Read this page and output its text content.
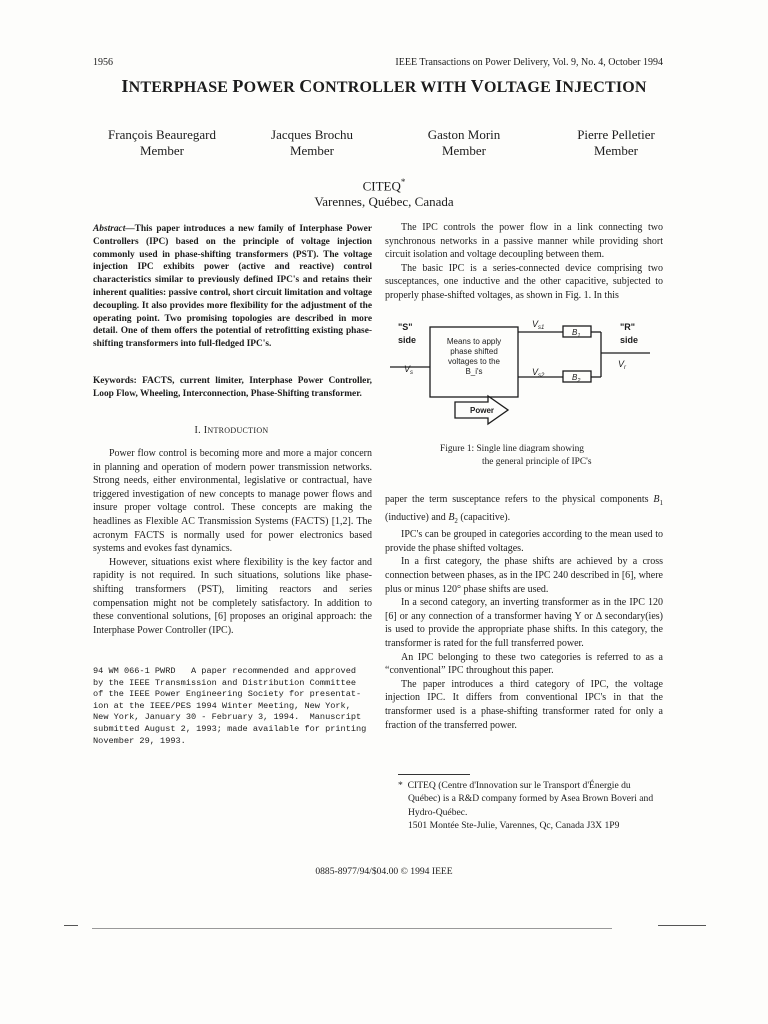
1956	IEEE Transactions on Power Delivery, Vol. 9, No. 4, October 1994
INTERPHASE POWER CONTROLLER WITH VOLTAGE INJECTION
François Beauregard
Member
Jacques Brochu
Member
Gaston Morin
Member
Pierre Pelletier
Member
CITEQ*
Varennes, Québec, Canada
Abstract—This paper introduces a new family of Interphase Power Controllers (IPC) based on the principle of voltage injection commonly used in phase-shifting transformers (PST). The voltage injection IPC exhibits power (active and reactive) control characteristics similar to previously defined IPC's and retains their inherent qualities: passive control, short circuit limitation and voltage decoupling. It also provides more flexibility for the adjustment of the operating point. Two promising topologies are described in more detail. One of them offers the potential of retrofitting existing phase-shifting transformers into full-fledged IPC's.
Keywords: FACTS, current limiter, Interphase Power Controller, Loop Flow, Wheeling, Interconnection, Phase-Shifting transformer.
I. INTRODUCTION

Power flow control is becoming more and more a major concern in planning and operation of modern power transmission networks. Strong needs, either environmental, legislative or contractual, have triggered investigation of new concepts to manage power flows and insure proper voltage control. These concepts are making the headlines as Flexible AC Transmission Systems (FACTS) [1,2]. The acronym FACTS is normally used for power electronics based systems and evokes fast dynamics.

However, situations exist where flexibility is the key factor and rapidity is not required. In such situations, solutions like phase-shifting transformers (PST), limiting reactors and series compensation might not be completely satisfactory. In addition to these conventional solutions, [6] proposes an original approach: the Interphase Power Controller (IPC).

94 WM 066-1 PWRD   A paper recommended and approved
by the IEEE Transmission and Distribution Committee
of the IEEE Power Engineering Society for presentat-
ion at the IEEE/PES 1994 Winter Meeting, New York,
New York, January 30 - February 3, 1994.  Manuscript
submitted August 2, 1993; made available for printing
November 29, 1993.

The IPC controls the power flow in a link connecting two synchronous networks in a passive manner while providing short circuit isolation and voltage decoupling between them.

The basic IPC is a series-connected device comprising two susceptances, one inductive and the other capacitive, subjected to properly phase-shifted voltages, as shown in Fig. 1. In this

"S"
side
"R"
side
Means to apply
phase shifted
voltages to the
B_i's
$V_s$
$V_{s1}$
$V_{s2}$
$B_1$
$B_2$
$V_r$
Power
Figure 1: Single line diagram showing
the general principle of IPC's

paper the term susceptance refers to the physical components $B_1$ (inductive) and $B_2$ (capacitive).

IPC's can be grouped in categories according to the mean used to provide the phase shifted voltages.

In a first category, the phase shifts are achieved by a cross connection between phases, as in the IPC 240 described in [6], where plus or minus 120° phase shifts are used.

In a second category, an inverting transformer as in the IPC 120 [6] or any connection of a transformer having Y or Δ secondary(ies) is used to provide the appropriate phase shifts. In this category, the transformer is rated for the full transferred power.

An IPC belonging to these two categories is referred to as a “conventional” IPC throughout this paper.

The paper introduces a third category of IPC, the voltage injection IPC. It differs from conventional IPC's in that the transformer used is a phase-shifting transformer rated for only a fraction of the transferred power.

* CITEQ (Centre d'Innovation sur le Transport d'Énergie du
Québec) is a R&D company formed by Asea Brown Boveri and
Hydro-Québec.
1501 Montée Ste-Julie, Varennes, Qc, Canada J3X 1P9
0885-8977/94/$04.00 © 1994 IEEE
